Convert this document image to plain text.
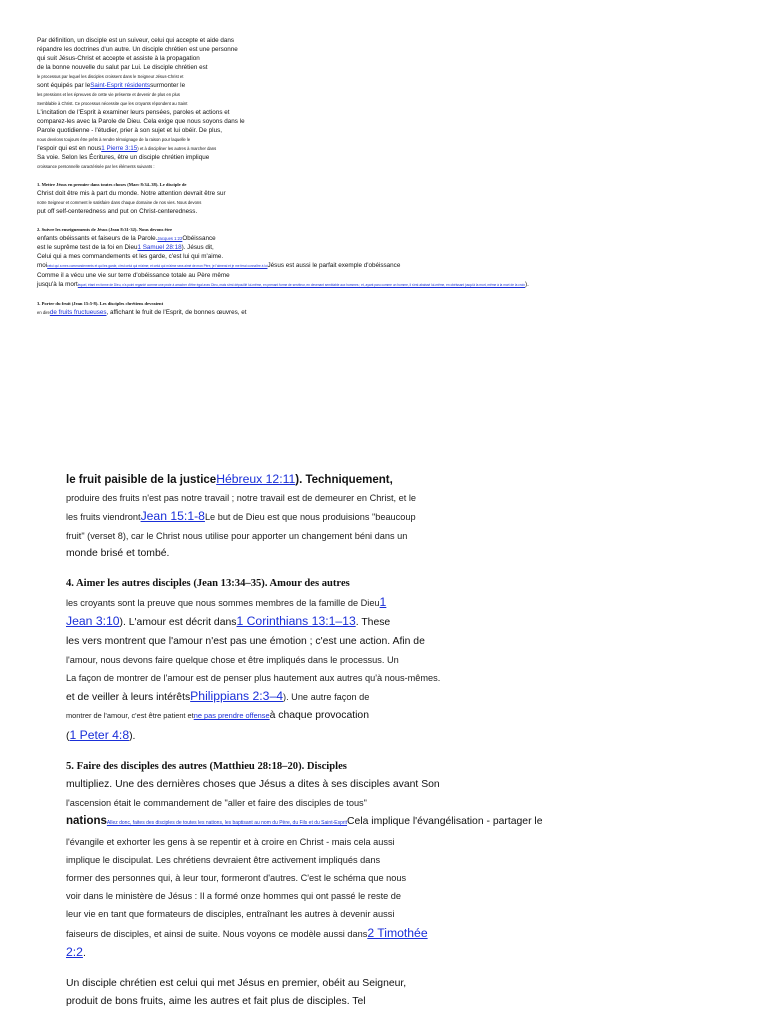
Par définition, un disciple est un suiveur, celui qui accepte et aide dans
répandre les doctrines d'un autre. Un disciple chrétien est une personne
qui suit Jésus-Christ et accepte et assiste à la propagation
de la bonne nouvelle du salut par Lui. Le disciple chrétien est
le processus par lequel les disciples croissent dans le Seigneur Jésus-Christ et
sont équipés par leSaint-Esprit résidentssurmonter le
les pressions et les épreuves de cette vie présente et devenir de plus en plus
Semblable à Christ. Ce processus nécessite que les croyants répondent au Saint
L'incitation de l'Esprit à examiner leurs pensées, paroles et actions et
comparez-les avec la Parole de Dieu. Cela exige que nous soyons dans le
Parole quotidienne - l'étudier, prier à son sujet et lui obéir. De plus,
nous devrions toujours être prêts à rendre témoignage de la raison pour laquelle le
l'espoir qui est en nous1 Pierre 3:15) et à discipliner les autres à marcher dans
Sa voie. Selon les Écritures, être un disciple chrétien implique
croissance personnelle caractérisée par les éléments suivants :
1. Mettre Jésus en premier dans toutes choses (Marc 8:34–38). Le disciple de
Christ doit être mis à part du monde. Notre attention devrait être sur
notre Seigneur et comment le satisfaire dans chaque domaine de nos vies. Nous devons
put off self-centeredness and put on Christ-centeredness.
2. Suivre les enseignements de Jésus (Jean 8:31-32). Nous devons être
enfants obéissants et faiseurs de la Parole.Jacques 1:22Obéissance
est le suprême test de la foi en Dieu1 Samuel 28:18). Jésus dit,
Celui qui a mes commandements et les garde, c'est lui qui m'aime.
moicelui qui a mes commandements et qui les garde, c'est celui qui m'aime; et celui qui m'aime sera aimé de mon Père, je l'aimerai et je me ferai connaître à luiJésus est aussi le parfait exemple d'obéissance
Comme il a vécu une vie sur terre d'obéissance totale au Père même
jusqu'à la mortlequel, étant en forme de Dieu, n'a point regardé comme une proie à arracher d'être égal avec Dieu, mais s'est dépouillé lui-même, en prenant forme de serviteur, en devenant semblable aux hommes ; et, ayant paru comme un homme, il s'est abaissé lui-même, en obéissant jusqu'à la mort, même à la mort de la croix).
3. Porter du fruit (Jean 15:5-8). Les disciples chrétiens devraient
en direde fruits fructueuses, affichant le fruit de l'Esprit, de bonnes œuvres, et
le fruit paisible de la justiceHébreux 12:11). Techniquement,
produire des fruits n'est pas notre travail ; notre travail est de demeurer en Christ, et le
les fruits viendrontJean 15:1-8Le but de Dieu est que nous produisions "beaucoup
fruit" (verset 8), car le Christ nous utilise pour apporter un changement béni dans un
monde brisé et tombé.
4. Aimer les autres disciples (Jean 13:34–35). Amour des autres
les croyants sont la preuve que nous sommes membres de la famille de Dieu1
Jean 3:10). L'amour est décrit dans1 Corinthians 13:1–13. These
les vers montrent que l'amour n'est pas une émotion ; c'est une action. Afin de
l'amour, nous devons faire quelque chose et être impliqués dans le processus. Un
La façon de montrer de l'amour est de penser plus hautement aux autres qu'à nous-mêmes.
et de veiller à leurs intérêtsPhilippians 2:3–4). Une autre façon de
montrer de l'amour, c'est être patient etne pas prendre offenseà chaque provocation
(1 Peter 4:8).
5. Faire des disciples des autres (Matthieu 28:18–20). Disciples
multipliez. Une des dernières choses que Jésus a dites à ses disciples avant Son
l'ascension était le commandement de "aller et faire des disciples de tous"
nationsAllez donc, faites des disciples de toutes les nations, les baptisant au nom du Père, du Fils et du Saint-EspritCela implique l'évangélisation - partager le
l'évangile et exhorter les gens à se repentir et à croire en Christ - mais cela aussi
implique le discipulat. Les chrétiens devraient être activement impliqués dans
former des personnes qui, à leur tour, formeront d'autres. C'est le schéma que nous
voir dans le ministère de Jésus : Il a formé onze hommes qui ont passé le reste de
leur vie en tant que formateurs de disciples, entraînant les autres à devenir aussi
faiseurs de disciples, et ainsi de suite. Nous voyons ce modèle aussi dans2 Timothée
2:2.
Un disciple chrétien est celui qui met Jésus en premier, obéit au Seigneur,
produit de bons fruits, aime les autres et fait plus de disciples. Tel
